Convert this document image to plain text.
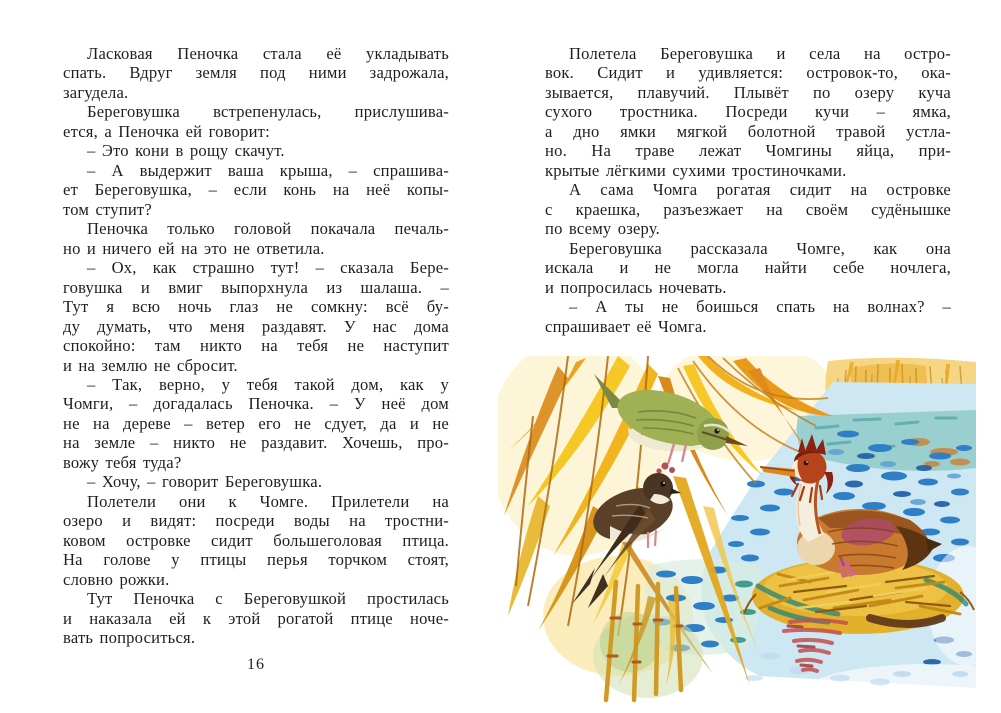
Ласковая Пеночка стала её укладывать
спать. Вдруг земля под ними задрожала,
загудела.
Береговушка встрепенулась, прислушива-
ется, а Пеночка ей говорит:
– Это кони в рощу скачут.
– А выдержит ваша крыша, – спрашива-
ет Береговушка, – если конь на неё копы-
том ступит?
Пеночка только головой покачала печаль-
но и ничего ей на это не ответила.
– Ох, как страшно тут! – сказала Бере-
говушка и вмиг выпорхнула из шалаша. –
Тут я всю ночь глаз не сомкну: всё бу-
ду думать, что меня раздавят. У нас дома
спокойно: там никто на тебя не наступит
и на землю не сбросит.
– Так, верно, у тебя такой дом, как у
Чомги, – догадалась Пеночка. – У неё дом
не на дереве – ветер его не сдует, да и не
на земле – никто не раздавит. Хочешь, про-
вожу тебя туда?
– Хочу, – говорит Береговушка.
Полетели они к Чомге. Прилетели на
озеро и видят: посреди воды на тростни-
ковом островке сидит большеголовая птица.
На голове у птицы перья торчком стоят,
словно рожки.
Тут Пеночка с Береговушкой простилась
и наказала ей к этой рогатой птице ноче-
вать попроситься.
16
Полетела Береговушка и села на остро-
вок. Сидит и удивляется: островок-то, ока-
зывается, плавучий. Плывёт по озеру куча
сухого тростника. Посреди кучи – ямка,
а дно ямки мягкой болотной травой устла-
но. На траве лежат Чомгины яйца, при-
крытые лёгкими сухими тростиночками.
А сама Чомга рогатая сидит на островке
с краешка, разъезжает на своём судёнышке
по всему озеру.
Береговушка рассказала Чомге, как она
искала и не могла найти себе ночлега,
и попросилась ночевать.
– А ты не боишься спать на волнах? –
спрашивает её Чомга.
